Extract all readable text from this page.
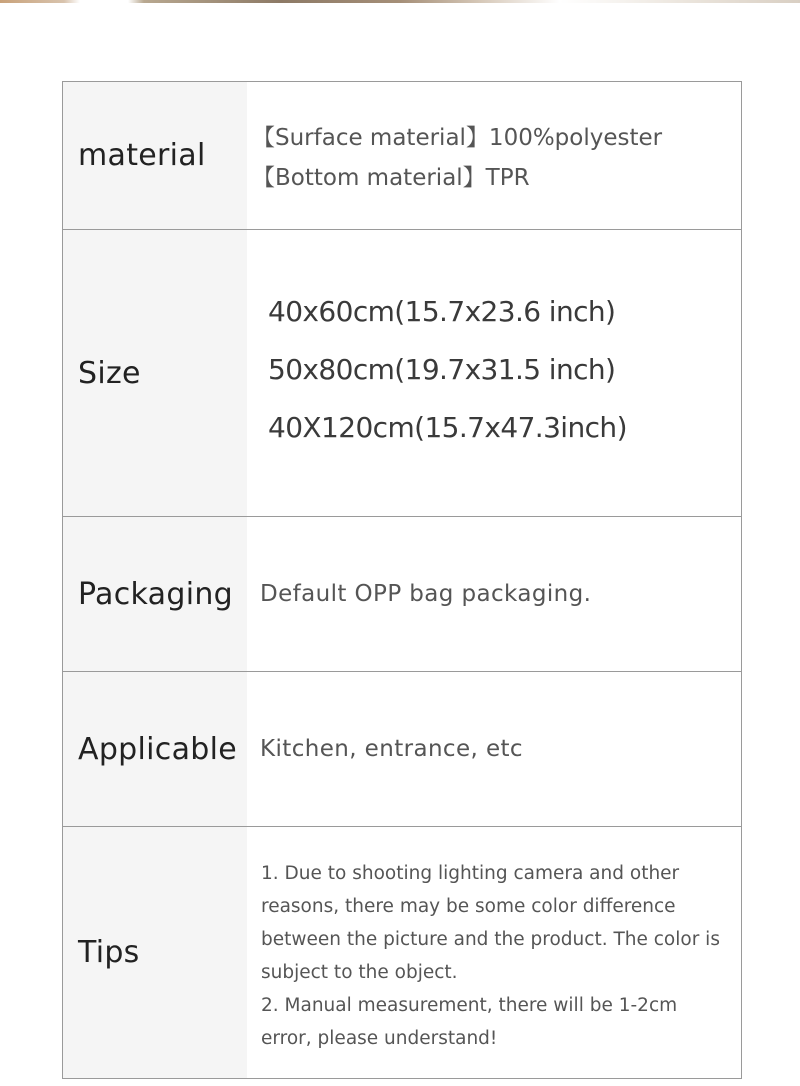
material
【Surface material】100%polyester
【Bottom material】TPR
Size
40x60cm(15.7x23.6 inch)
50x80cm(19.7x31.5 inch)
40X120cm(15.7x47.3inch)
Packaging Default OPP bag packaging.
Applicable Kitchen, entrance, etc
Tips
1. Due to shooting lighting camera and other
reasons, there may be some color difference
between the picture and the product. The color is
subject to the object.
2. Manual measurement, there will be 1-2cm
error, please understand!
